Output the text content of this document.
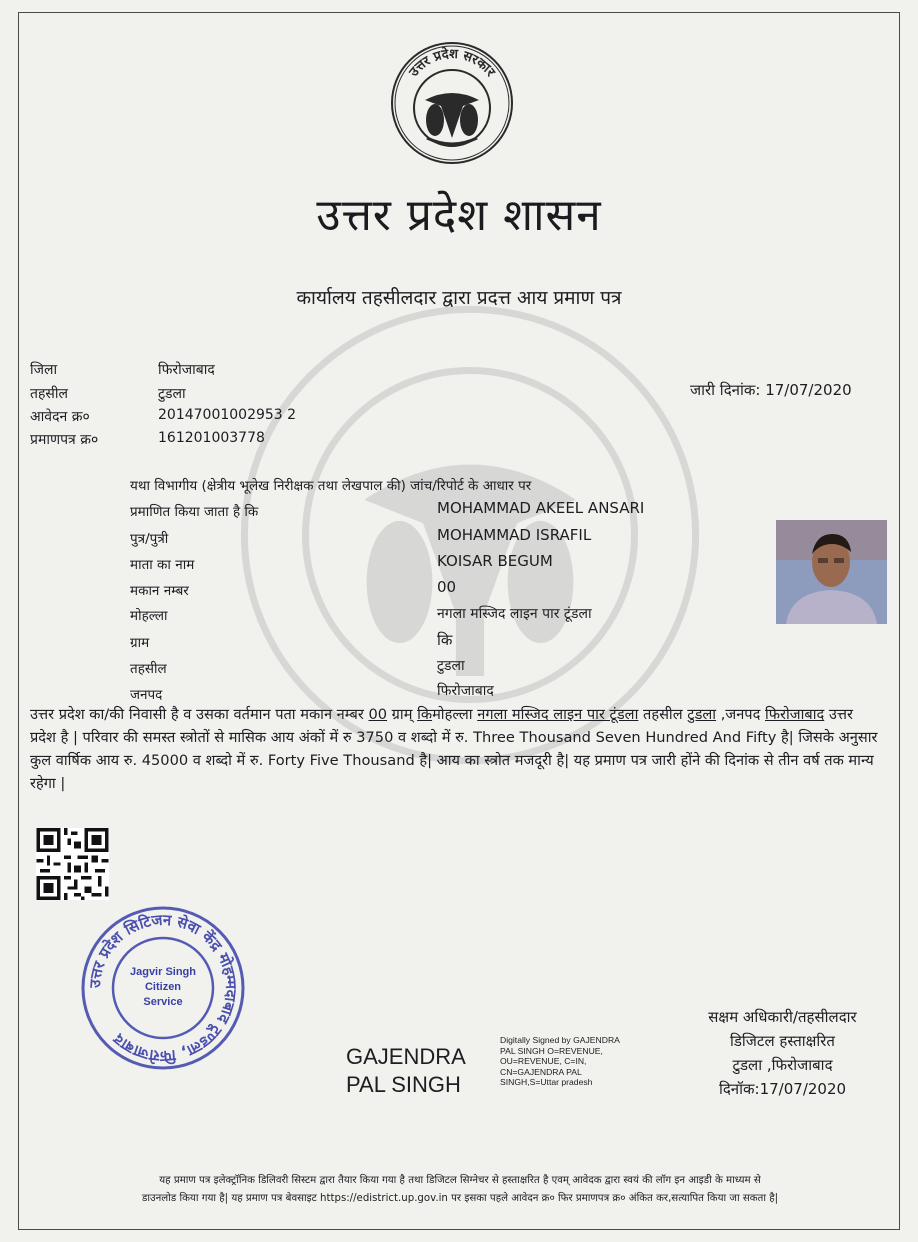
उत्तर प्रदेश सरकार
उत्तर प्रदेश शासन
कार्यालय तहसीलदार द्वारा प्रदत्त आय प्रमाण पत्र
जिला	फिरोजाबाद
तहसील	टुडला
आवेदन क्र०	20147001002953 2
प्रमाणपत्र क्र०	161201003778
जारी दिनांक: 17/07/2020
यथा विभागीय (क्षेत्रीय भूलेख निरीक्षक तथा लेखपाल की) जांच/रिपोर्ट के आधार पर
प्रमाणित किया जाता है कि	MOHAMMAD AKEEL ANSARI
पुत्र/पुत्री	MOHAMMAD ISRAFIL
माता का नाम	KOISAR BEGUM
मकान नम्बर	00
मोहल्ला	नगला मस्जिद लाइन पार टूंडला
ग्राम	कि
तहसील	टुडला
जनपद	फिरोजाबाद
उत्तर प्रदेश का/की निवासी है व उसका वर्तमान पता मकान नम्बर 00 ग्राम् किमोहल्ला नगला मस्जिद लाइन पार टूंडला तहसील टुडला ,जनपद फिरोजाबाद उत्तर प्रदेश है | परिवार की समस्त स्त्रोतों से मासिक आय अंकों में रु 3750 व शब्दो में रु. Three Thousand Seven Hundred And Fifty है| जिसके अनुसार कुल वार्षिक आय रु. 45000 व शब्दो में रु. Forty Five Thousand है| आय का स्त्रोत मजदूरी है| यह प्रमाण पत्र जारी होंने की दिनांक से तीन वर्ष तक मान्य रहेगा |
उत्तर प्रदेश सिटिजन सेवा केंद्र मोहम्मदाबाद टूण्डला, फिरोजाबाद
Jagvir Singh
Citizen
Service
GAJENDRA
PAL SINGH
Digitally Signed by GAJENDRA
PAL SINGH O=REVENUE,
OU=REVENUE, C=IN,
CN=GAJENDRA PAL
SINGH,S=Uttar pradesh
सक्षम अधिकारी/तहसीलदार
डिजिटल हस्ताक्षरित
टुडला ,फिरोजाबाद
दिनॉक:17/07/2020
यह प्रमाण पत्र इलेक्ट्रॉनिक डिलिवरी सिस्टम द्वारा तैयार किया गया है तथा डिजिटल सिग्नेचर से हस्ताक्षरित है एवम् आवेदक द्वारा स्वयं की लॉग इन आइडी के माध्यम से
डाउनलोड किया गया है| यह प्रमाण पत्र बेवसाइट https://edistrict.up.gov.in पर इसका पहले आवेदन क्र० फिर प्रमाणपत्र क्र० अंकित कर,सत्यापित किया जा सकता है|
